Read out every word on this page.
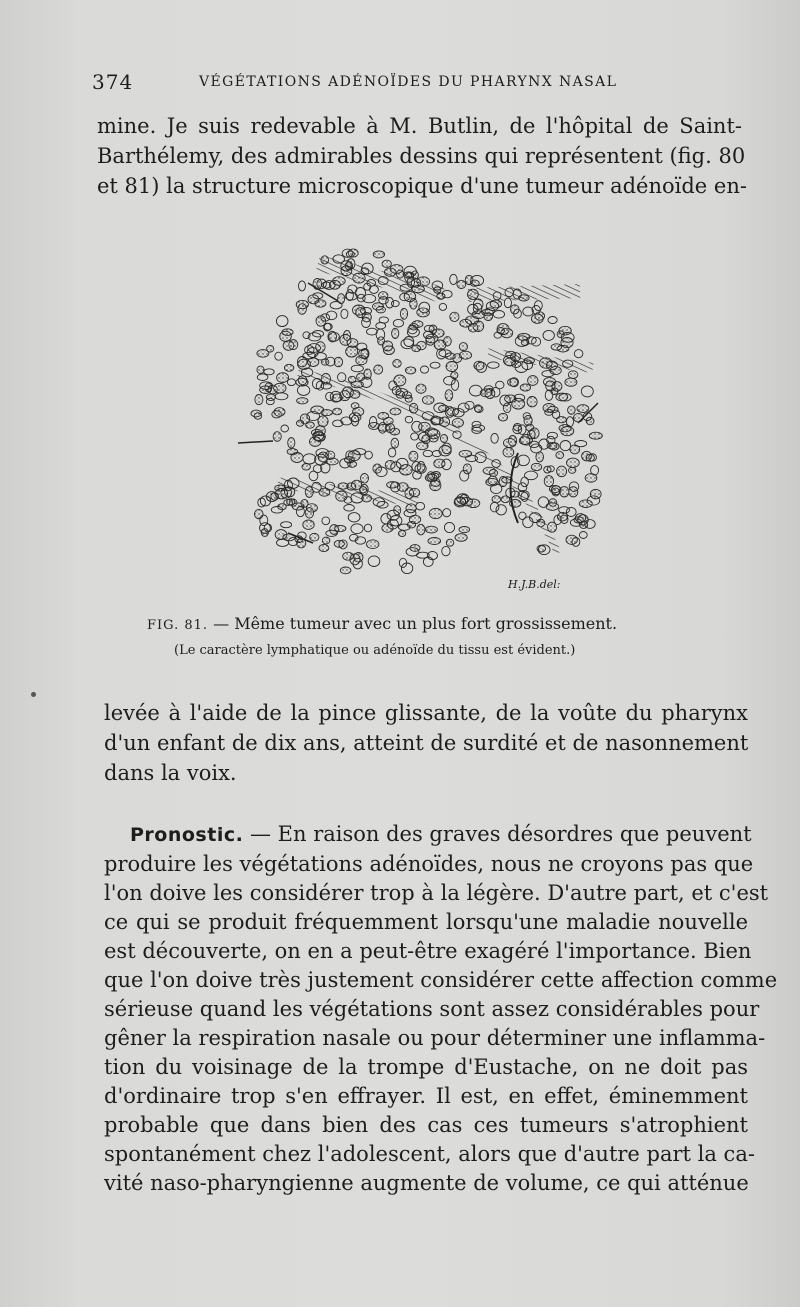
374	VÉGÉTATIONS ADÉNOÏDES DU PHARYNX NASAL
mine. Je suis redevable à M. Butlin, de l'hôpital de Saint-
Barthélemy, des admirables dessins qui représentent (fig. 80
et 81) la structure microscopique d'une tumeur adénoïde en-
H.J.B.del:
FIG. 81. — Même tumeur avec un plus fort grossissement.
(Le caractère lymphatique ou adénoïde du tissu est évident.)
levée à l'aide de la pince glissante, de la voûte du pharynx
d'un enfant de dix ans, atteint de surdité et de nasonnement
dans la voix.
Pronostic. — En raison des graves désordres que peuvent
produire les végétations adénoïdes, nous ne croyons pas que
l'on doive les considérer trop à la légère. D'autre part, et c'est
ce qui se produit fréquemment lorsqu'une maladie nouvelle
est découverte, on en a peut-être exagéré l'importance. Bien
que l'on doive très justement considérer cette affection comme
sérieuse quand les végétations sont assez considérables pour
gêner la respiration nasale ou pour déterminer une inflamma-
tion du voisinage de la trompe d'Eustache, on ne doit pas
d'ordinaire trop s'en effrayer. Il est, en effet, éminemment
probable que dans bien des cas ces tumeurs s'atrophient
spontanément chez l'adolescent, alors que d'autre part la ca-
vité naso-pharyngienne augmente de volume, ce qui atténue
